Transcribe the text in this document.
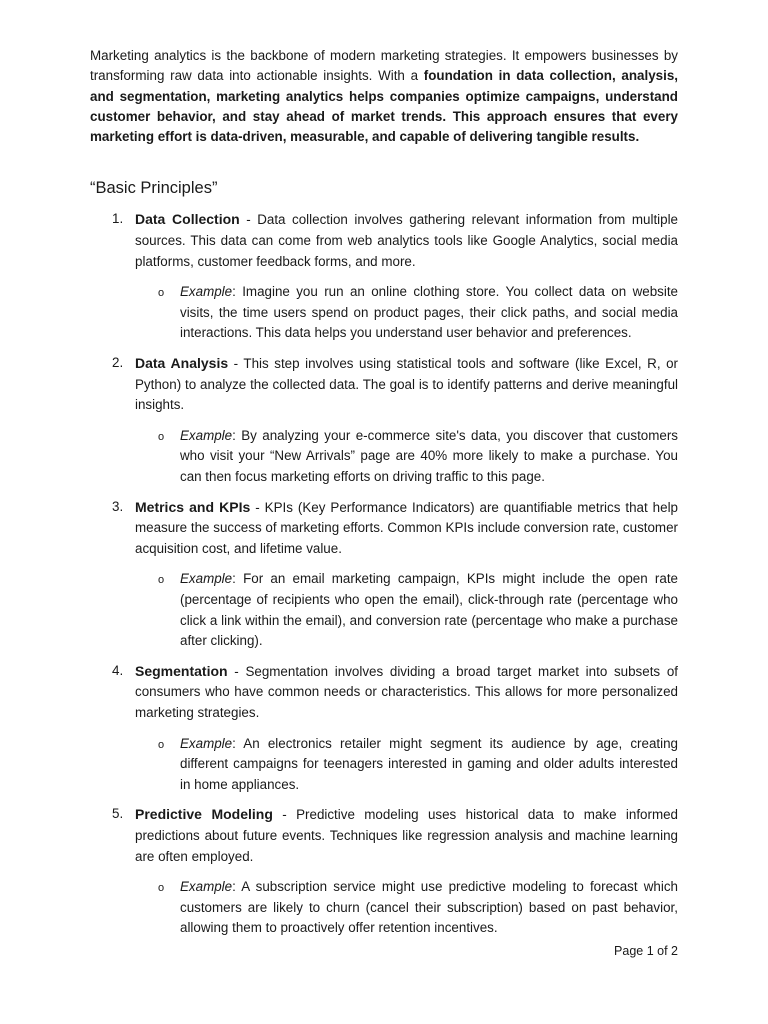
Marketing analytics is the backbone of modern marketing strategies. It empowers businesses by transforming raw data into actionable insights. With a foundation in data collection, analysis, and segmentation, marketing analytics helps companies optimize campaigns, understand customer behavior, and stay ahead of market trends. This approach ensures that every marketing effort is data-driven, measurable, and capable of delivering tangible results.

“Basic Principles”
1. Data Collection - Data collection involves gathering relevant information from multiple sources. This data can come from web analytics tools like Google Analytics, social media platforms, customer feedback forms, and more.

o Example: Imagine you run an online clothing store. You collect data on website visits, the time users spend on product pages, their click paths, and social media interactions. This data helps you understand user behavior and preferences.

2. Data Analysis - This step involves using statistical tools and software (like Excel, R, or Python) to analyze the collected data. The goal is to identify patterns and derive meaningful insights.

o Example: By analyzing your e-commerce site's data, you discover that customers who visit your “New Arrivals” page are 40% more likely to make a purchase. You can then focus marketing efforts on driving traffic to this page.

3. Metrics and KPIs - KPIs (Key Performance Indicators) are quantifiable metrics that help measure the success of marketing efforts. Common KPIs include conversion rate, customer acquisition cost, and lifetime value.

o Example: For an email marketing campaign, KPIs might include the open rate (percentage of recipients who open the email), click-through rate (percentage who click a link within the email), and conversion rate (percentage who make a purchase after clicking).

4. Segmentation - Segmentation involves dividing a broad target market into subsets of consumers who have common needs or characteristics. This allows for more personalized marketing strategies.

o Example: An electronics retailer might segment its audience by age, creating different campaigns for teenagers interested in gaming and older adults interested in home appliances.

5. Predictive Modeling - Predictive modeling uses historical data to make informed predictions about future events. Techniques like regression analysis and machine learning are often employed.

o Example: A subscription service might use predictive modeling to forecast which customers are likely to churn (cancel their subscription) based on past behavior, allowing them to proactively offer retention incentives.

Page 1 of 2
